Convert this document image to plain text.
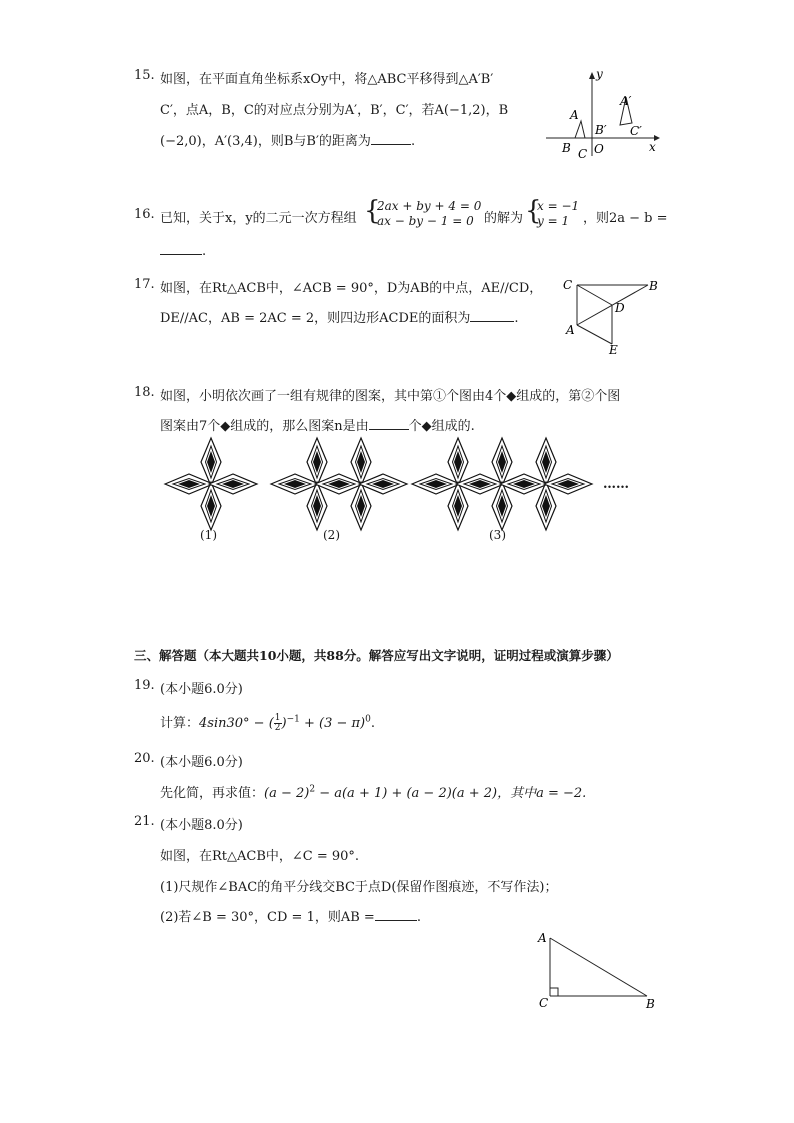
15. 如图，在平面直角坐标系xOy中，将△ABC平移得到△A′B′
C′，点A，B，C的对应点分别为A′，B′，C′，若A(−1,2)，B
(−2,0)，A′(3,4)，则B与B′的距离为	.
y
x
A
B C O
A′
B′ C′
16. 已知，关于x，y的二元一次方程组 {
2ax + by + 4 = 0
ax − by − 1 = 0 的解为 {
x = −1
y = 1 ，则2a − b =
.
17. 如图，在Rt△ACB中，∠ACB = 90°，D为AB的中点，AE//CD，
DE//AC，AB = 2AC = 2，则四边形ACDE的面积为	.
C	B
D
A
E
18. 如图，小明依次画了一组有规律的图案，其中第①个图由4个◆组成的，第②个图
图案由7个◆组成的，那么图案n是由	个◆组成的.
……
(1)	(2)	(3)
三、解答题（本大题共10小题，共88分。解答应写出文字说明，证明过程或演算步骤）
19. (本小题6.0分)
计算：4sin30° − ( $\frac{1}{2} )^{-1} + (3 - \pi)^0$.
20. (本小题6.0分)
先化简，再求值：$(a - 2)^2 - a(a + 1) + (a - 2)(a + 2)$，其中a = −2.
21. (本小题8.0分)
如图，在Rt△ACB中，∠C = 90°.
(1)尺规作∠BAC的角平分线交BC于点D(保留作图痕迹，不写作法)；
(2)若∠B = 30°，CD = 1，则AB =	.
A
C	B
